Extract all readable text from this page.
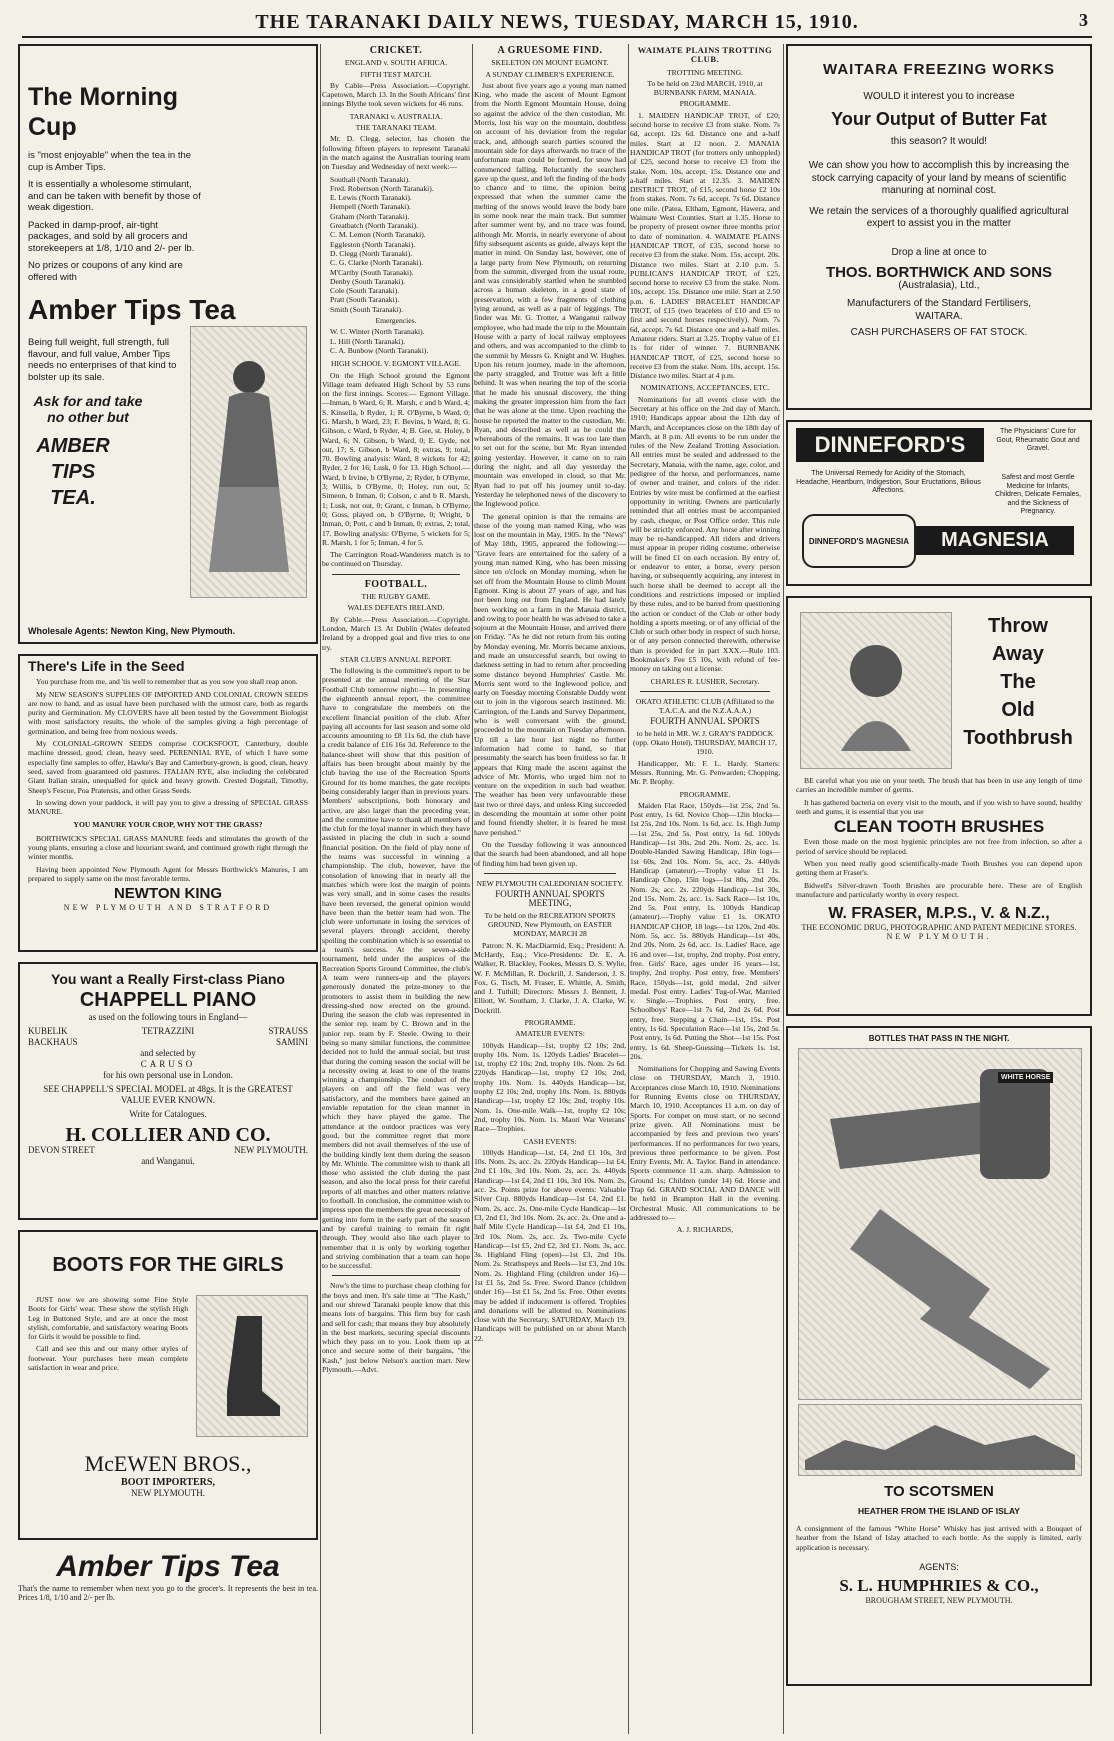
THE TARANAKI DAILY NEWS, TUESDAY, MARCH 15, 1910.	3
The Morning Cup
is "most enjoyable" when the tea in the cup is Amber Tips.
It is essentially a wholesome stimulant, and can be taken with benefit by those of weak digestion.
Packed in damp-proof, air-tight packages, and sold by all grocers and storekeepers at 1/8, 1/10 and 2/- per lb.
No prizes or coupons of any kind are offered with
Amber Tips Tea
Being full weight, full strength, full flavour, and full value, Amber Tips needs no enterprises of that kind to bolster up its sale.
Ask for and take no other but
AMBER TIPS TEA.
Wholesale Agents: Newton King, New Plymouth.
There's Life in the Seed

You purchase from me, and 'tis well to remember that as you sow you shall reap anon.

My NEW SEASON'S SUPPLIES OF IMPORTED AND COLONIAL CROWN SEEDS are now to hand, and as usual have been purchased with the utmost care, both as regards purity and Germination. My CLOVERS have all been tested by the Government Biologist with most satisfactory results, the whole of the samples giving a high percentage of germination, and being free from noxious weeds.

My COLONIAL-GROWN SEEDS comprise COCKSFOOT, Canterbury, double machine dressed, good, clean, heavy seed. PERENNIAL RYE, of which I have some especially fine samples to offer, Hawke's Bay and Canterbury-grown, is good, clean, heavy seed, saved from guaranteed old pastures. ITALIAN RYE, also including the celebrated Giant Italian strain, unequalled for quick and heavy growth. Crested Dogstail, Timothy, Sheep's Fescue, Poa Pratensis, and other Grass Seeds.

In sowing down your paddock, it will pay you to give a dressing of SPECIAL GRASS MANURE.

YOU MANURE YOUR CROP, WHY NOT THE GRASS?

BORTHWICK'S SPECIAL GRASS MANURE feeds and stimulates the growth of the young plants, ensuring a close and luxuriant sward, and continued growth right through the winter months.

Having been appointed New Plymouth Agent for Messrs Borthwick's Manures, I am prepared to supply same on the most favorable terms.

NEWTON KING
NEW PLYMOUTH AND STRATFORD
You want a Really First-class Piano
CHAPPELL PIANO
as used on the following tours in England—
KUBELIK	TETRAZZINI	STRAUSS
BACKHAUS	SAMINI
and selected by
CARUSO
for his own personal use in London.
SEE CHAPPELL'S SPECIAL MODEL at 48gs. It is the GREATEST VALUE EVER KNOWN.
Write for Catalogues.
H. COLLIER AND CO.
DEVON STREET	NEW PLYMOUTH.
and Wanganui.
BOOTS FOR THE GIRLS

JUST now we are showing some Fine Style Boots for Girls' wear. These show the stylish High Leg in Buttoned Style, and are at once the most stylish, comfortable, and satisfactory wearing Boots for Girls it would be possible to find.

Call and see this and our many other styles of footwear. Your purchases here mean complete satisfaction in wear and price.

McEWEN BROS.,
BOOT IMPORTERS,
NEW PLYMOUTH.
Amber Tips Tea
That's the name to remember when next you go to the grocer's. It represents the best in tea. Prices 1/8, 1/10 and 2/- per lb.
CRICKET.
ENGLAND v. SOUTH AFRICA.
FIFTH TEST MATCH.

By Cable—Press Association.—Copyright. Capetown, March 13. In the South Africans' first innings Blythe took seven wickets for 46 runs.

TARANAKI v. AUSTRALIA.
THE TARANAKI TEAM.

Mr. D. Clegg, selector, has chosen the following fifteen players to represent Taranaki in the match against the Australian touring team on Tuesday and Wednesday of next week:—

Southall (North Taranaki).
Fred. Robertson (North Taranaki).
E. Lewis (North Taranaki).
Hempell (North Taranaki).
Graham (North Taranaki).
Greatbatch (North Taranaki).
C. M. Lemon (North Taranaki).
Eggleston (North Taranaki).
D. Clegg (North Taranaki).
C. G. Clarke (North Taranaki).
M'Carthy (South Taranaki).
Denby (South Taranaki).
Cole (South Taranaki).
Pratt (South Taranaki).
Smith (South Taranaki).
Emergencies.
W. C. Winter (North Taranaki).
L. Hill (North Taranaki).
C. A. Bunbow (North Taranaki).
HIGH SCHOOL V. EGMONT VILLAGE.

On the High School ground the Egmont Village team defeated High School by 53 runs on the first innings. Scores:— Egmont Village.—Inman, b Ward, 6; R. Marsh, c and b Ward, 4; S. Kinsella, b Ryder, 1; R. O'Byrne, b Ward, 0; G. Marsh, b Ward, 23; F. Bevins, b Ward, 8; G. Gibson, c Ward, b Ryder, 4; B. Gee, st. Holey, b Ward, 6; N. Gibson, b Ward, 0; E. Gyde, not out, 17; S. Gibson, b Ward, 8; extras, 9; total, 70. Bowling analysis: Ward, 8 wickets for 42; Ryder, 2 for 16; Lusk, 0 for 13. High School.—Ward, b Irvine, b O'Byrne, 2; Ryder, b O'Byrne, 3; Willis, b O'Byrne, 0; Holey, run out, 5; Simeon, b Inman, 0; Colson, c and b R. Marsh, 1; Lusk, not out, 0; Grant, c Inman, b O'Byrne, 0; Goss, played on, b O'Byrne, 0; Wright, b Inman, 0; Pott, c and b Inman, 0; extras, 2; total, 17. Bowling analysis: O'Byrne, 5 wickets for 5; R. Marsh, 1 for 5; Inman, 4 for 5.

The Carrington Road-Wanderers match is to be continued on Thursday.

FOOTBALL.
THE RUGBY GAME.
WALES DEFEATS IRELAND.

By Cable.—Press Association.—Copyright. London, March 13. At Dublin (Wales defeated Ireland by a dropped goal and five tries to one try.

STAR CLUB'S ANNUAL REPORT.

The following is the committee's report to be presented at the annual meeting of the Star Football Club tomorrow night:— In presenting the eighteenth annual report, the committee have to congratulate the members on the excellent financial position of the club. After paying all accounts for last season and some old accounts amounting to £8 11s 6d, the club have a credit balance of £16 16s 3d. Reference to the balance-sheet will show that this position of affairs has been brought about mainly by the club having the use of the Recreation Sports Ground for its home matches, the gate receipts being considerably larger than in previous years. Members' subscriptions, both honorary and active, are also larger than the preceding year, and the committee have to thank all members of the club for the loyal manner in which they have assisted in placing the club in such a sound financial position. On the field of play none of the teams was successful in winning a championship. The club, however, have the consolation of knowing that in nearly all the matches which were lost the margin of points was very small, and in some cases the results have been reversed, the general opinion would have been than the better team had won. The club were unfortunate in losing the services of several players through accident, thereby spoiling the combination which is so essential to a team's success. At the seven-a-side tournament, held under the auspices of the Recreation Sports Ground Committee, the club's A team were runners-up and the players generously donated the prize-money to the promoters to assist them in building the new dressing-shed now erected on the ground. During the season the club was represented in the senior rep. team by C. Brown and in the junior rep. team by F. Steele. Owing to their being so many similar functions, the committee decided not to hold the annual social, but trust that during the coming season the social will be a necessity owing at least to one of the teams winning a championship. The conduct of the players on and off the field was very satisfactory, and the members have gained an enviable reputation for the clean manner in which they have played the game. The attendance at the outdoor practices was very good, but the committee regret that more members did not avail themselves of the use of the building kindly lent them during the season by Mr. Whittle. The committee wish to thank all those who assisted the club during the past season, and also the local press for their careful reports of all matches and other matters relative to football. In conclusion, the committee wish to impress upon the members the great necessity of getting into form in the early part of the season and by careful training to remain fit right through. They would also like each player to remember that it is only by working together and striving combination that a team can hope to be successful.

Now's the time to purchase cheap clothing for the boys and men. It's sale time at "The Kash," and our shrewd Taranaki people know that this means lots of bargains. This firm buy for cash and sell for cash; that means they buy absolutely in the best markets, securing special discounts which they pass on to you. Look them up at once and secure some of their bargains, "the Kash," just below Nelson's auction mart. New Plymouth.—Advt.

A GRUESOME FIND.
SKELETON ON MOUNT EGMONT.
A SUNDAY CLIMBER'S EXPERIENCE.

Just about five years ago a young man named King, who made the ascent of Mount Egmont from the North Egmont Mountain House, doing so against the advice of the then custodian, Mr. Morris, lost his way on the mountain, doubtless on account of his deviation from the regular track, and, although search parties scoured the mountain side for days afterwards no trace of the unfortunate man could be formed, for snow had commenced falling. Reluctantly the searchers gave up the quest, and left the finding of the body to chance and to time, the opinion being expressed that when the summer came the melting of the snows would leave the body bare in some nook near the main track. But summer after summer went by, and no trace was found, although Mr. Morris, in nearly everyone of about fifty subsequent ascents as guide, always kept the matter in mind. On Sunday last, however, one of a large party from New Plymouth, on returning from the summit, diverged from the usual route, and was considerably startled when he stumbled across a human skeleton, in a good state of preservation, with a few fragments of clothing lying around, as well as a pair of leggings. The finder was Mr. G. Trotter, a Wanganui railway employee, who had made the trip to the Mountain House with a party of local railway employees and others, and was accompanied to the climb to the summit by Messrs G. Knight and W. Hughes. Upon his return journey, made in the afternoon, the party straggled, and Trotter was left a little behind. It was when nearing the top of the scoria that he made his unusual discovery, the thing making the greater impression him from the fact that he was alone at the time. Upon reaching the house he reported the matter to the custodian, Mr. Ryan, and described as well as he could the whereabouts of the remains. It was too late then to set out for the scene, but Mr. Ryan intended going yesterday. However, it came on to rain during the night, and all day yesterday the mountain was enveloped in cloud, so that Mr. Ryan had to put off his journey until to-day. Yesterday he telephoned news of the discovery to the Inglewood police.

The general opinion is that the remains are those of the young man named King, who was lost on the mountain in May, 1905. In the "News" of May 18th, 1905, appeared the following:— "Grave fears are entertained for the safety of a young man named King, who has been missing since ten o'clock on Monday morning, when he set off from the Mountain House to climb Mount Egmont. King is about 27 years of age, and has not been long out from England. He had lately been working on a farm in the Manaia district, and owing to poor health he was advised to take a sojourn at the Mountain House, and arrived there on Friday. "As he did not return from his outing by Monday evening, Mr. Morris became anxious, and made an unsuccessful search, but owing to darkness setting in had to return after proceeding some distance beyond Humphries' Castle. Mr. Morris sent word to the Inglewood police, and early on Tuesday morning Constable Duddy went out to join in the vigorous search instituted. Mr. Carrington, of the Lands and Survey Department, who is well conversant with the ground, proceeded to the mountain on Tuesday afternoon. Up till a late hour last night no further information had come to hand, so that presumably the search has been fruitless so far. It appears that King made the ascent against the advice of Mr. Morris, who urged him not to venture on the expedition in such bad weather. The weather has been very unfavourable these last two or three days, and unless King succeeded in descending the mountain at some other point and found friendly shelter, it is feared he must have perished."

On the Tuesday following it was announced that the search had been abandoned, and all hope of finding him had been given up.

NEW PLYMOUTH CALEDONIAN SOCIETY.
FOURTH ANNUAL SPORTS MEETING,
To be held on the RECREATION SPORTS GROUND, New Plymouth, on EASTER MONDAY, MARCH 28

Patron: N. K. MacDiarmid, Esq.; President: A. McHardy, Esq.; Vice-Presidents: Dr. E. A. Walker, R. Blackley, Fookes, Messrs D. S. Wylie, W. F. McMillan, R. Dockrill, J. Sanderson, J. S. Fox, G. Tisch, M. Fraser, E. Whittle, A. Smith, and J. Tuthill; Directors: Messrs J. Bennett, J. Elliott, W. Southam, J. Clarke, J. A. Clarke, W. Dockrill.

PROGRAMME.
AMATEUR EVENTS:

100yds Handicap—1st, trophy £2 10s; 2nd, trophy 10s. Nom. 1s. 120yds Ladies' Bracelet—1st, trophy £2 10s; 2nd, trophy 10s. Nom. 2s 6d. 220yds Handicap—1st, trophy £2 10s; 2nd, trophy 10s. Nom. 1s. 440yds Handicap—1st, trophy £2 10s; 2nd, trophy 10s. Nom. 1s. 880yds Handicap—1st, trophy £2 10s; 2nd, trophy 10s. Nom. 1s. One-mile Walk—1st, trophy £2 10s; 2nd, trophy 10s. Nom. 1s. Maori War Veterans' Race—Trophies.

CASH EVENTS:

100yds Handicap—1st, £4, 2nd £1 10s, 3rd 10s. Nom. 2s, acc. 2s. 220yds Handicap—1st £4, 2nd £1 10s, 3rd 10s. Nom. 2s, acc. 2s. 440yds Handicap—1st £4, 2nd £1 10s, 3rd 10s. Nom. 2s, acc. 2s. Points prize for above events: Valuable Silver Cup. 880yds Handicap—1st £4, 2nd £1. Nom. 2s, acc. 2s. One-mile Cycle Handicap—1st £3, 2nd £1, 3rd 10s. Nom. 2s, acc. 2s. One and a-half Mile Cycle Handicap—1st £4, 2nd £1 10s, 3rd 10s. Nom. 2s, acc. 2s. Two-mile Cycle Handicap—1st £5, 2nd £2, 3rd £1. Nom. 3s, acc. 3s. Highland Fling (open)—1st £3, 2nd 10s. Nom. 2s. Strathspeys and Reels—1st £3, 2nd 10s. Nom. 2s. Highland Fling (children under 16)—1st £1 5s, 2nd 5s. Free. Sword Dance (children under 16)—1st £1 5s, 2nd 5s. Free. Other events may be added if inducement is offered. Trophies and donations will be allotted to. Nominations close with the Secretary, SATURDAY, March 19. Handicaps will be published on or about March 22.

WAIMATE PLAINS TROTTING CLUB.
TROTTING MEETING.
To be held on 23rd MARCH, 1910, at BURNBANK FARM, MANAIA.
PROGRAMME.

1. MAIDEN HANDICAP TROT, of £20; second horse to receive £3 from stake. Nom. 7s 6d, accept. 12s 6d. Distance one and a-half miles. Start at 12 noon. 2. MANAIA HANDICAP TROT (for trotters only unhoppled) of £25, second horse to receive £3 from the stake. Nom. 10s, accept. 15s. Distance one and a-half miles. Start at 12.35. 3. MAIDEN DISTRICT TROT, of £15, second horse £2 10s from stakes. Nom. 7s 6d, accept. 7s 6d. Distance one mile. (Patea, Eltham, Egmont, Hawera, and Waimate West Counties. Start at 1.35. Horse to be property of present owner three months prior to date of nomination. 4. WAIMATE PLAINS HANDICAP TROT, of £35, second horse to receive £3 from the stake. Nom. 15s, accept. 20s. Distance two miles. Start at 2.10 p.m. 5. PUBLICAN'S HANDICAP TROT, of £25, second horse to receive £3 from the stake. Nom. 10s, accept. 15s. Distance one mile. Start at 2.50 p.m. 6. LADIES' BRACELET HANDICAP TROT, of £15 (two bracelets of £10 and £5 to first and second horses respectively). Nom. 7s 6d, accept. 7s 6d. Distance one and a-half miles. Amateur riders. Start at 3.25. Trophy value of £1 1s for rider of winner. 7. BURNBANK HANDICAP TROT, of £25, second horse to receive £3 from the stake. Nom. 10s, accept. 15s. Distance two miles. Start at 4 p.m.

NOMINATIONS, ACCEPTANCES, ETC.

Nominations for all events close with the Secretary at his office on the 2nd day of March, 1910; Handicaps appear about the 12th day of March, and Acceptances close on the 18th day of March, at 8 p.m. All events to be run under the rules of the New Zealand Trotting Association. All entries must be sealed and addressed to the Secretary, Manaia, with the name, age, color, and pedigree of the horse, and performances, name of owner and trainer, and colors of the rider. Entries by wire must be confirmed at the earliest opportunity in writing. Owners are particularly reminded that all entries must be accompanied by cash, cheque, or Post Office order. This rule will be strictly enforced. Any horse after winning may be re-handicapped. All riders and drivers must appear in proper riding costume, otherwise will be fined £1 on each occasion. By entry of, or endeavor to enter, a horse, every person having, or subsequently acquiring, any interest in such horse shall be deemed to accept all the conditions and restrictions imposed or implied by these rules, and to be barred from questioning the action or conduct of the Club or other body holding a sports meeting, or of any official of the Club or such other body in respect of such horse, or of any person connected therewith, otherwise than is provided for in part XXX.—Rule 103. Bookmaker's Fee £5 10s, with refund of fee-money on taking out a license.

CHARLES R. LUSHER, Secretary.
OKATO ATHLETIC CLUB (Affiliated to the T.A.C.A. and the N.Z.A.A.A.)
FOURTH ANNUAL SPORTS
to be held in MR. W. J. GRAY'S PADDOCK (opp. Okato Hotel), THURSDAY, MARCH 17, 1910.

Handicapper, Mr. F. L. Hardy. Starters: Messrs. Running, Mr. G. Penwarden; Chopping, Mr. P. Brophy.

PROGRAMME.

Maiden Flat Race, 150yds—1st 25s, 2nd 5s. Post entry, 1s 6d. Novice Chop—12in blocks—1st 25s, 2nd 10s. Nom. 1s 6d, acc. 1s. High Jump—1st 25s, 2nd 5s. Post entry, 1s 6d. 100yds Handicap—1st 30s, 2nd 20s. Nom. 2s, acc. 1s. Double-Handed Sawing Handicap, 18in logs—1st 60s, 2nd 10s. Nom. 5s, acc. 2s. 440yds Handicap (amateur).—Trophy value £1 1s. Handicap Chop, 15in logs—1st 80s, 2nd 20s. Nom. 2s, acc. 2s. 220yds Handicap—1st 30s, 2nd 15s. Nom. 2s, acc. 1s. Sack Race—1st 10s, 2nd 5s. Post entry, 1s. 100yds Handicap (amateur).—Trophy value £1 1s. OKATO HANDICAP CHOP, 18 logs—1st 120s, 2nd 40s. Nom. 5s, acc. 5s. 880yds Handicap—1st 40s, 2nd 20s. Nom. 2s 6d, acc. 1s. Ladies' Race, age 16 and over—1st, trophy, 2nd trophy. Post entry, free. Girls' Race, ages under 16 years—1st, trophy, 2nd trophy. Post entry, free. Members' Race, 150yds—1st, gold medal, 2nd silver medal. Post entry. Ladies' Tug-of-War, Married v. Single.—Trophies. Post entry, free. Schoolboys' Race—1st 7s 6d, 2nd 2s 6d. Post entry, free. Stepping a Chain—1st, 15s. Post entry, 1s 6d. Speculation Race—1st 15s, 2nd 5s. Post entry, 1s 6d. Putting the Shot—1st 15s. Post entry, 1s 6d. Sheep-Guessing—Tickets 1s. 1st, 20s.

Nominations for Chopping and Sawing Events close on THURSDAY, March 3, 1910. Acceptances close March 10, 1910. Nominations for Running Events close on THURSDAY, March 10, 1910. Acceptances 11 a.m. on day of Sports. For compet on must start, or no second prize given. All Nominations must be accompanied by fees and previous two years' performances. If no performances for two years, previous three performance to be given. Post Entry Events, Mr. A. Taylor. Band in attendance. Sports commence 11 a.m. sharp. Admission to Ground 1s; Children (under 14) 6d. Horse and Trap 6d. GRAND SOCIAL AND DANCE will be held in Brampton Hall in the evening. Orchestral Music. All communications to be addressed to—

A. J. RICHARDS,
WAITARA FREEZING WORKS
WOULD it interest you to increase
Your Output of Butter Fat
this season? It would!
We can show you how to accomplish this by increasing the stock carrying capacity of your land by means of scientific manuring at nominal cost.
We retain the services of a thoroughly qualified agricultural expert to assist you in the matter
Drop a line at once to
THOS. BORTHWICK AND SONS
(Australasia), Ltd.,
Manufacturers of the Standard Fertilisers,
WAITARA.
CASH PURCHASERS OF FAT STOCK.
DINNEFORD'S
The Physicians' Cure for Gout, Rheumatic Gout and Gravel.
The Universal Remedy for Acidity of the Stomach, Headache, Heartburn, Indigestion, Sour Eructations, Bilious Affections.
Safest and most Gentle Medicine for Infants, Children, Delicate Females, and the Sickness of Pregnancy.
DINNEFORD'S MAGNESIA	MAGNESIA
Throw
Away
The
Old
Toothbrush

BE careful what you use on your teeth. The brush that has been in use any length of time carries an incredible number of germs.

It has gathered bacteria on every visit to the mouth, and if you wish to have sound, healthy teeth and gums, it is essential that you use

CLEAN TOOTH BRUSHES

Even those made on the most hygienic principles are not free from infection, so after a period of service should be replaced.

When you need really good scientifically-made Tooth Brushes you can depend upon getting them at Fraser's.

Bidwell's Silver-drawn Tooth Brushes are procurable here. These are of English manufacture and particularly worthy in every respect.

W. FRASER, M.P.S., V. & N.Z.,
THE ECONOMIC DRUG, PHOTOGRAPHIC AND PATENT MEDICINE STORES.
NEW PLYMOUTH.
BOTTLES THAT PASS IN THE NIGHT.
WHITE HORSE
TO SCOTSMEN
HEATHER FROM THE ISLAND OF ISLAY
A consignment of the famous "White Horse" Whisky has just arrived with a Bouquet of heather from the Island of Islay attached to each bottle. As the supply is limited, early application is necessary.
AGENTS:
S. L. HUMPHRIES & CO.,
BROUGHAM STREET, NEW PLYMOUTH.
